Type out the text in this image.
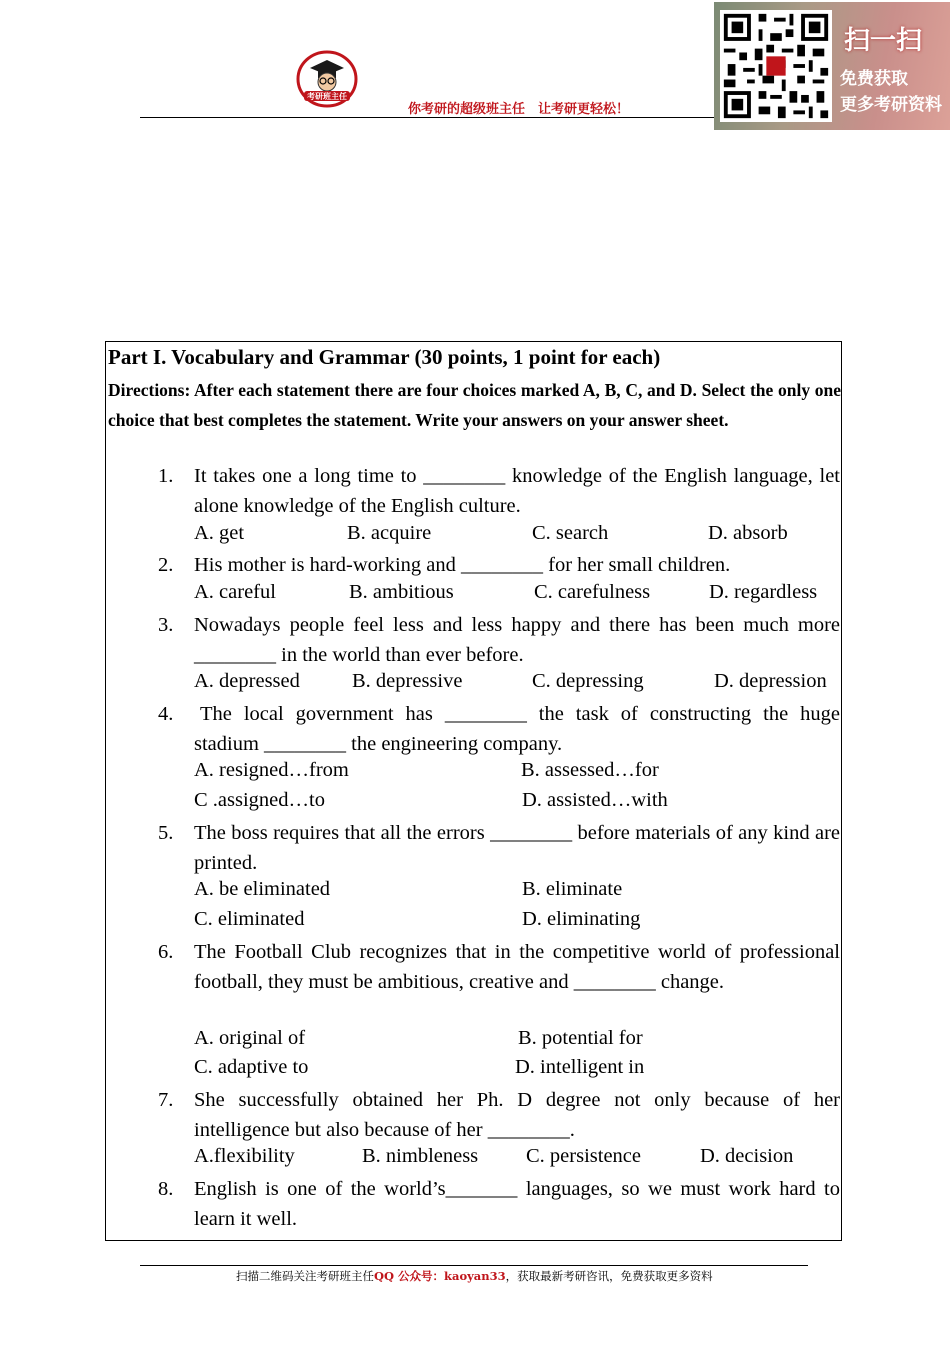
考研班主任
你考研的超级班主任　让考研更轻松！
扫一扫
免费获取
更多考研资料
Part I. Vocabulary and Grammar (30 points, 1 point for each)
Directions: After each statement there are four choices marked A, B, C, and D. Select the only one choice that best completes the statement. Write your answers on your answer sheet.
1. It takes one a long time to ________ knowledge of the English language, let alone knowledge of the English culture.
A. get	B. acquire	C. search	D. absorb
2. His mother is hard-working and ________ for her small children.
A. careful	B. ambitious	C. carefulness	D. regardless
3. Nowadays people feel less and less happy and there has been much more ________ in the world than ever before.
A. depressed	B. depressive	C. depressing	D. depression
4. The local government has ________ the task of constructing the huge stadium ________ the engineering company.
A. resigned…from	B. assessed…for
C .assigned…to	D. assisted…with
5. The boss requires that all the errors ________ before materials of any kind are printed.
A. be eliminated	B. eliminate
C. eliminated	D. eliminating
6. The Football Club recognizes that in the competitive world of professional football, they must be ambitious, creative and ________ change.
A. original of	B. potential for
C. adaptive to	D. intelligent in
7. She successfully obtained her Ph. D degree not only because of her intelligence but also because of her ________.
A.flexibility	B. nimbleness C. persistence	D. decision
8. English is one of the world’s_______ languages, so we must work hard to learn it well.
扫描二维码关注考研班主任QQ 公众号：kaoyan33，获取最新考研咨讯，免费获取更多资料
